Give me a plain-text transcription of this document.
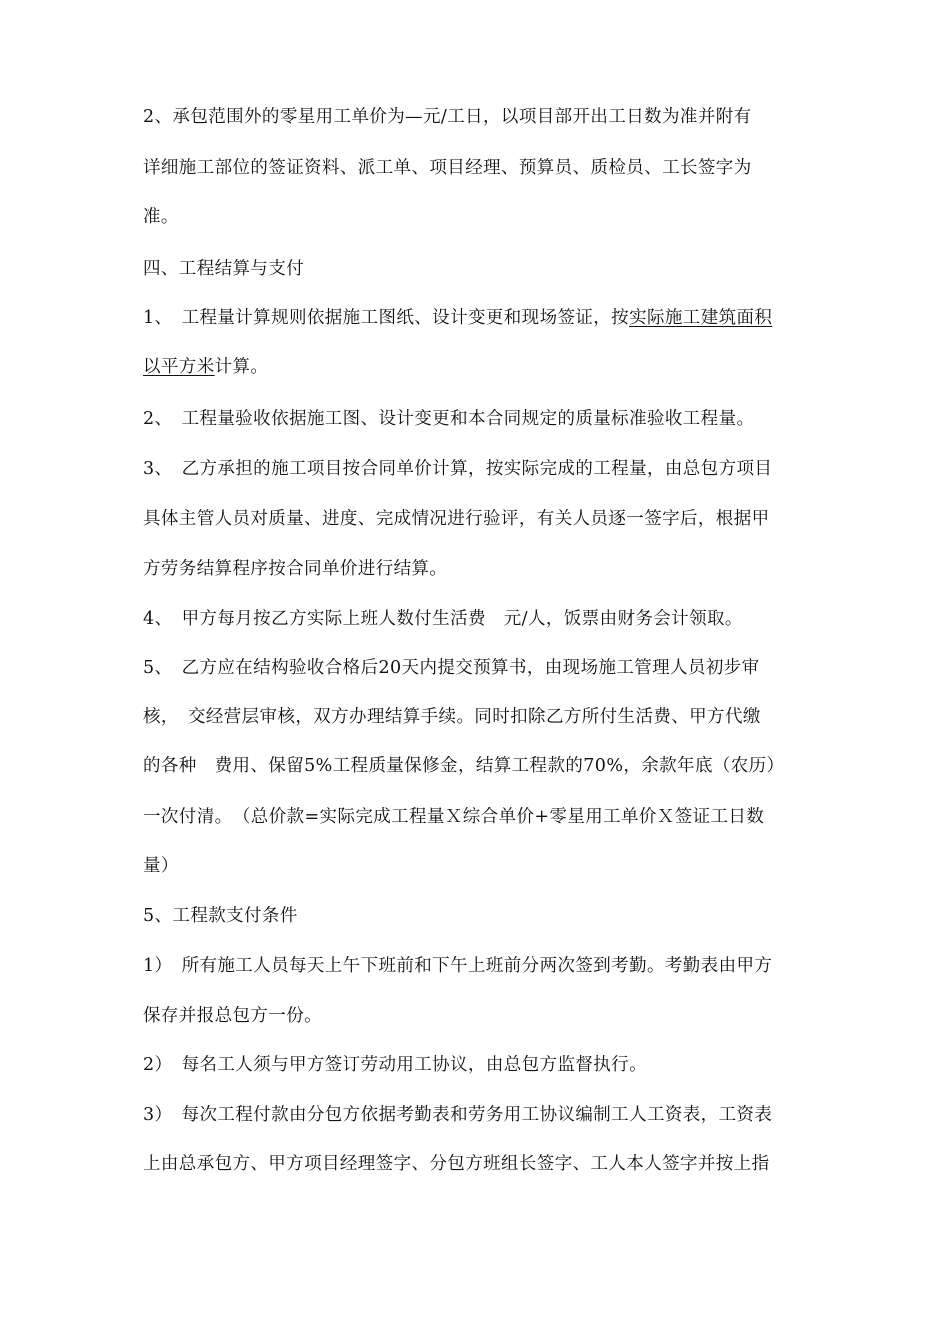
2、承包范围外的零星用工单价为—元/工日，以项目部开出工日数为准并附有
详细施工部位的签证资料、派工单、项目经理、预算员、质检员、工长签字为
准。
四、工程结算与支付
1、　工程量计算规则依据施工图纸、设计变更和现场签证，按实际施工建筑面积
以平方米计算。
2、　工程量验收依据施工图、设计变更和本合同规定的质量标准验收工程量。
3、　乙方承担的施工项目按合同单价计算，按实际完成的工程量，由总包方项目
具体主管人员对质量、进度、完成情况进行验评，有关人员逐一签字后，根据甲
方劳务结算程序按合同单价进行结算。
4、　甲方每月按乙方实际上班人数付生活费　元/人，饭票由财务会计领取。
5、　乙方应在结构验收合格后20天内提交预算书，由现场施工管理人员初步审
核，　交经营层审核，双方办理结算手续。同时扣除乙方所付生活费、甲方代缴
的各种　费用、保留5%工程质量保修金，结算工程款的70%，余款年底（农历）
一次付清。　（总价款=实际完成工程量Ｘ综合单价+零星用工单价Ｘ签证工日数
量）
5、工程款支付条件
1）　所有施工人员每天上午下班前和下午上班前分两次签到考勤。考勤表由甲方
保存并报总包方一份。
2）　每名工人须与甲方签订劳动用工协议，由总包方监督执行。
3）　每次工程付款由分包方依据考勤表和劳务用工协议编制工人工资表，工资表
上由总承包方、甲方项目经理签字、分包方班组长签字、工人本人签字并按上指
